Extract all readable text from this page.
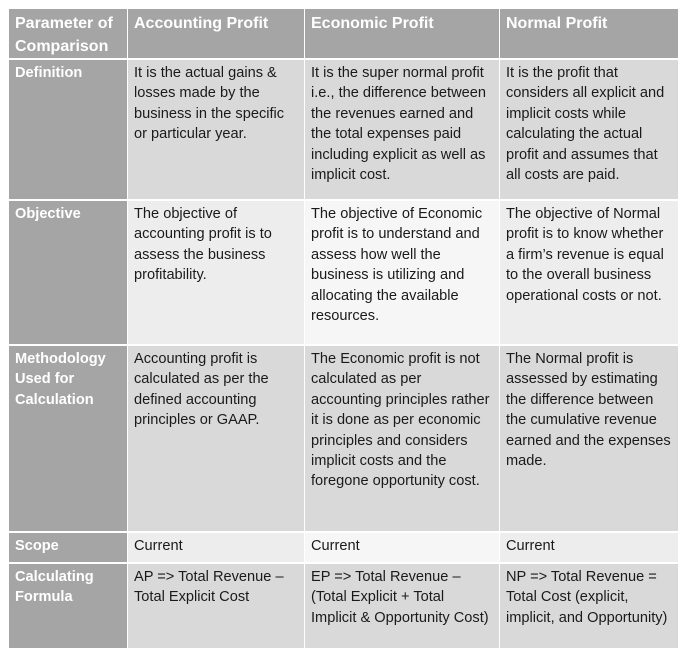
Parameter of Comparison	Accounting Profit	Economic Profit	Normal Profit
Definition	It is the actual gains & losses made by the business in the specific or particular year.	It is the super normal profit i.e., the difference between the revenues earned and the total expenses paid including explicit as well as implicit cost.	It is the profit that considers all explicit and implicit costs while calculating the actual profit and assumes that all costs are paid.
Objective	The objective of accounting profit is to assess the business profitability.	The objective of Economic profit is to understand and assess how well the business is utilizing and allocating the available resources.	The objective of Normal profit is to know whether a firm’s revenue is equal to the overall business operational costs or not.
Methodology Used for Calculation	Accounting profit is calculated as per the defined accounting principles or GAAP.	The Economic profit is not calculated as per accounting principles rather it is done as per economic principles and considers implicit costs and the foregone opportunity cost.	The Normal profit is assessed by estimating the difference between the cumulative revenue earned and the expenses made.
Scope	Current	Current	Current
Calculating Formula	AP => Total Revenue – Total Explicit Cost	EP => Total Revenue – (Total Explicit + Total Implicit & Opportunity Cost)	NP => Total Revenue = Total Cost (explicit, implicit, and Opportunity)
